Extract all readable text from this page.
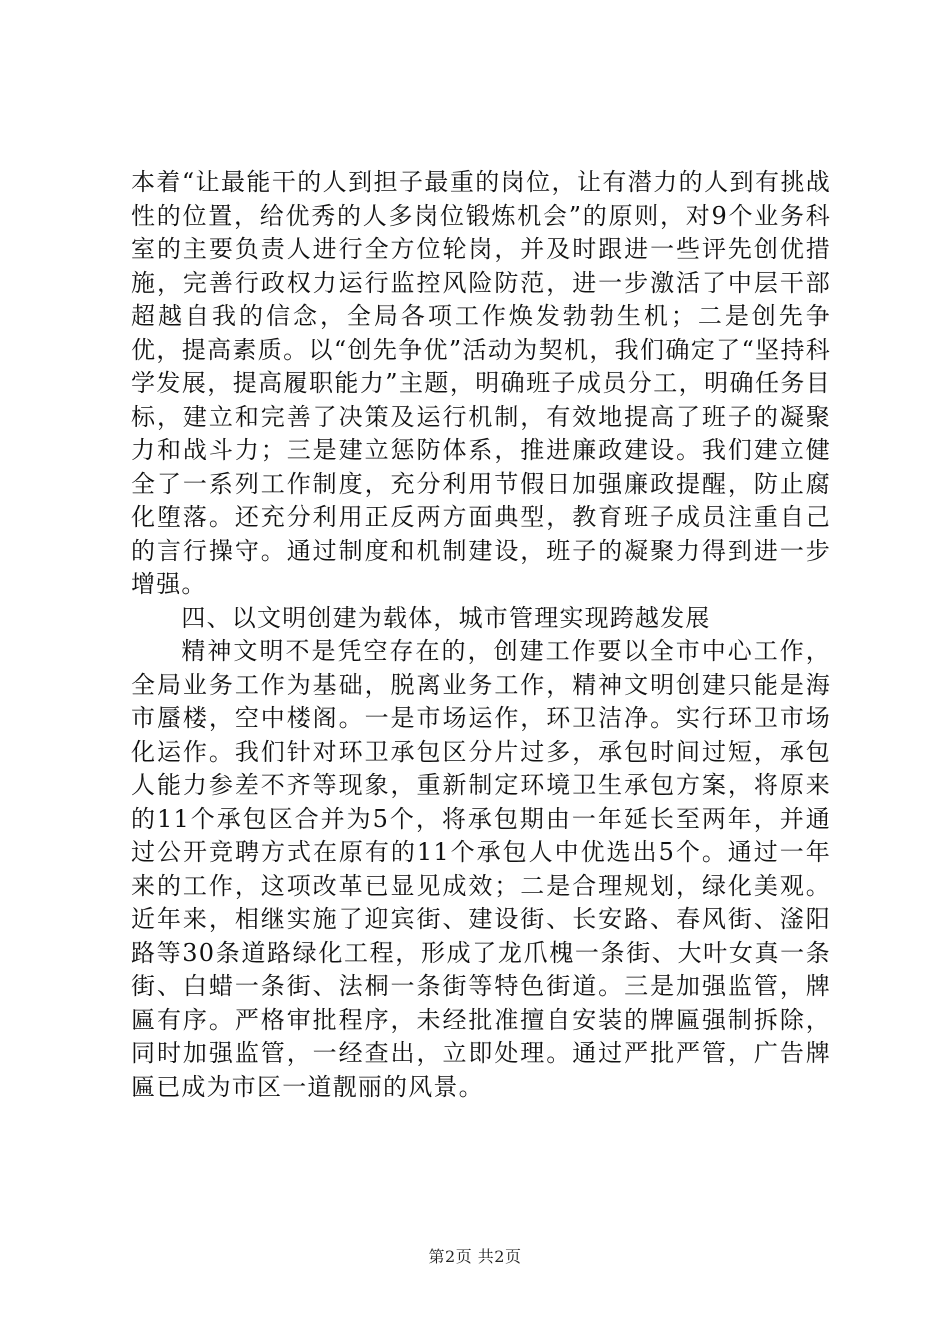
本着“让最能干的人到担子最重的岗位，让有潜力的人到有挑战性的位置，给优秀的人多岗位锻炼机会”的原则，对9个业务科室的主要负责人进行全方位轮岗，并及时跟进一些评先创优措施，完善行政权力运行监控风险防范，进一步激活了中层干部超越自我的信念，全局各项工作焕发勃勃生机；二是创先争优，提高素质。以“创先争优”活动为契机，我们确定了“坚持科学发展，提高履职能力”主题，明确班子成员分工，明确任务目标，建立和完善了决策及运行机制，有效地提高了班子的凝聚力和战斗力；三是建立惩防体系，推进廉政建设。我们建立健全了一系列工作制度，充分利用节假日加强廉政提醒，防止腐化堕落。还充分利用正反两方面典型，教育班子成员注重自己的言行操守。通过制度和机制建设，班子的凝聚力得到进一步增强。

四、以文明创建为载体，城市管理实现跨越发展

精神文明不是凭空存在的，创建工作要以全市中心工作，全局业务工作为基础，脱离业务工作，精神文明创建只能是海市蜃楼，空中楼阁。一是市场运作，环卫洁净。实行环卫市场化运作。我们针对环卫承包区分片过多，承包时间过短，承包人能力参差不齐等现象，重新制定环境卫生承包方案，将原来的11个承包区合并为5个，将承包期由一年延长至两年，并通过公开竞聘方式在原有的11个承包人中优选出5个。通过一年来的工作，这项改革已显见成效；二是合理规划，绿化美观。近年来，相继实施了迎宾街、建设街、长安路、春风街、滏阳路等30条道路绿化工程，形成了龙爪槐一条街、大叶女真一条街、白蜡一条街、法桐一条街等特色街道。三是加强监管，牌匾有序。严格审批程序，未经批准擅自安装的牌匾强制拆除，同时加强监管，一经查出，立即处理。通过严批严管，广告牌匾已成为市区一道靓丽的风景。

第2页 共2页
